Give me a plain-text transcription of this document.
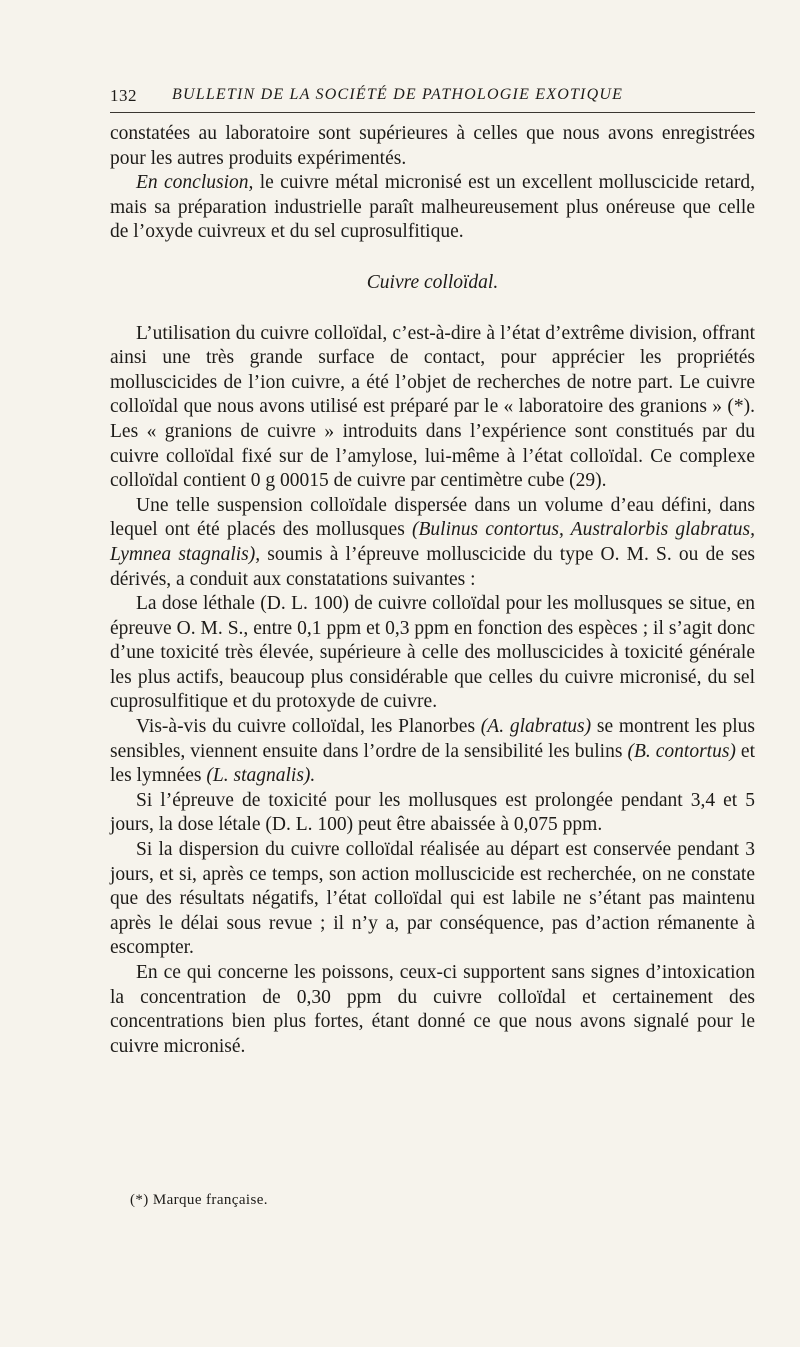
132 BULLETIN DE LA SOCIÉTÉ DE PATHOLOGIE EXOTIQUE

constatées au laboratoire sont supérieures à celles que nous avons enregistrées pour les autres produits expérimentés.

En conclusion, le cuivre métal micronisé est un excellent molluscicide retard, mais sa préparation industrielle paraît malheureusement plus onéreuse que celle de l’oxyde cuivreux et du sel cuprosulfitique.

Cuivre colloïdal.

L’utilisation du cuivre colloïdal, c’est-à-dire à l’état d’extrême division, offrant ainsi une très grande surface de contact, pour apprécier les propriétés molluscicides de l’ion cuivre, a été l’objet de recherches de notre part. Le cuivre colloïdal que nous avons utilisé est préparé par le « laboratoire des granions » (*). Les « granions de cuivre » introduits dans l’expérience sont constitués par du cuivre colloïdal fixé sur de l’amylose, lui-même à l’état colloïdal. Ce complexe colloïdal contient 0 g 00015 de cuivre par centimètre cube (29).

Une telle suspension colloïdale dispersée dans un volume d’eau défini, dans lequel ont été placés des mollusques (Bulinus contortus, Australorbis glabratus, Lymnea stagnalis), soumis à l’épreuve molluscicide du type O. M. S. ou de ses dérivés, a conduit aux constatations suivantes :

La dose léthale (D. L. 100) de cuivre colloïdal pour les mollusques se situe, en épreuve O. M. S., entre 0,1 ppm et 0,3 ppm en fonction des espèces ; il s’agit donc d’une toxicité très élevée, supérieure à celle des molluscicides à toxicité générale les plus actifs, beaucoup plus considérable que celles du cuivre micronisé, du sel cuprosulfitique et du protoxyde de cuivre.

Vis-à-vis du cuivre colloïdal, les Planorbes (A. glabratus) se montrent les plus sensibles, viennent ensuite dans l’ordre de la sensibilité les bulins (B. contortus) et les lymnées (L. stagnalis).

Si l’épreuve de toxicité pour les mollusques est prolongée pendant 3,4 et 5 jours, la dose létale (D. L. 100) peut être abaissée à 0,075 ppm.

Si la dispersion du cuivre colloïdal réalisée au départ est conservée pendant 3 jours, et si, après ce temps, son action molluscicide est recherchée, on ne constate que des résultats négatifs, l’état colloïdal qui est labile ne s’étant pas maintenu après le délai sous revue ; il n’y a, par conséquence, pas d’action rémanente à escompter.

En ce qui concerne les poissons, ceux-ci supportent sans signes d’intoxication la concentration de 0,30 ppm du cuivre colloïdal et certainement des concentrations bien plus fortes, étant donné ce que nous avons signalé pour le cuivre micronisé.

(*) Marque française.
